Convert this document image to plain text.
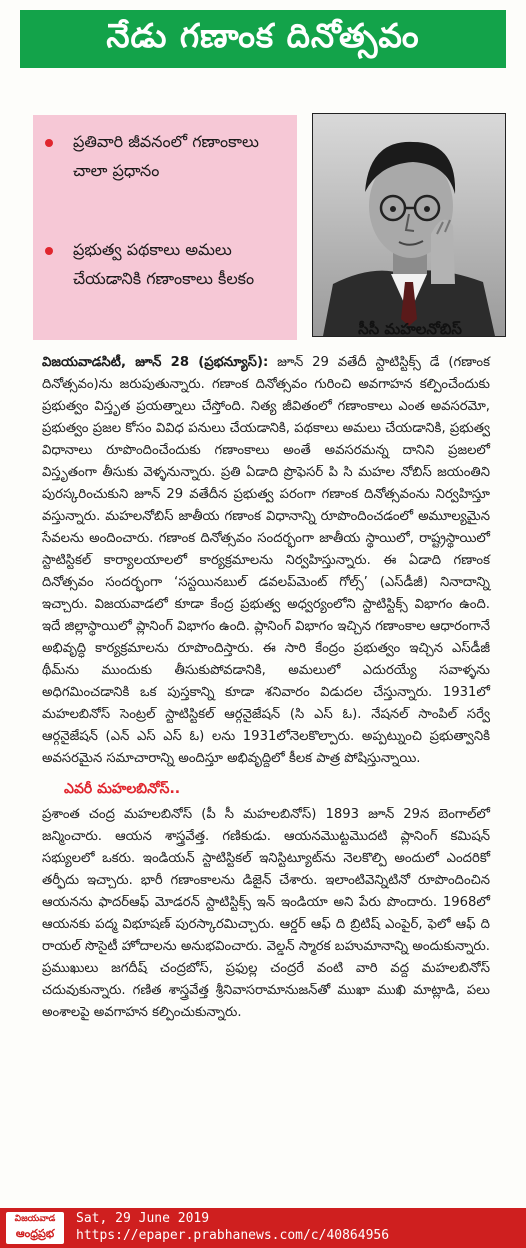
నేడు గణాంక దినోత్సవం
ప్రతివారి జీవనంలో గణాంకాలు చాలా ప్రధానం
ప్రభుత్వ పథకాలు అమలు చేయడానికి గణాంకాలు కీలకం
సీసీ మహలనోబిస్

విజయవాడసిటీ, జూన్ 28 (ప్రభన్యూస్): జూన్ 29 వతేదీ స్టాటిస్టిక్స్ డే (గణాంక దినోత్సవం)ను జరుపుతున్నారు. గణాంక దినోత్సవం గురించి అవగాహన కల్పించేందుకు ప్రభుత్వం విస్తృత ప్రయత్నాలు చేస్తోంది. నిత్య జీవితంలో గణాంకాలు ఎంత అవసరమో, ప్రభుత్వం ప్రజల కోసం వివిధ పనులు చేయడానికి, పథకాలు అమలు చేయడానికి, ప్రభుత్వ విధానాలు రూపొందించేందుకు గణాంకాలు అంతే అవసరమన్న దానిని ప్రజలలో విస్తృతంగా తీసుకు వెళ్ళనున్నారు. ప్రతి ఏడాది ప్రొఫెసర్ పి సి మహల నోబిస్ జయంతిని పురస్కరించుకుని జూన్ 29 వతేదీన ప్రభుత్వ పరంగా గణాంక దినోత్సవంను నిర్వహిస్తూ వస్తున్నారు. మహలనోబిస్ జాతీయ గణాంక విధానాన్ని రూపొందించడంలో అమూల్యమైన సేవలను అందించారు. గణాంక దినోత్సవం సందర్భంగా జాతీయ స్థాయిలో, రాష్ట్రస్థాయిలో స్టాటిస్టికల్ కార్యాలయాలలో కార్యక్రమాలను నిర్వహిస్తున్నారు. ఈ ఏడాది గణాంక దినోత్సవం సందర్భంగా ‘సస్టయినబుల్ డవలప్‌మెంట్ గోల్స్’ (ఎస్‌డీజీ) నినాదాన్ని ఇచ్చారు. విజయవాడలో కూడా కేంద్ర ప్రభుత్వ అధ్వర్యంలోని స్టాటిస్టిక్స్ విభాగం ఉంది. ఇదే జిల్లాస్థాయిలో ప్లానింగ్ విభాగం ఉంది. ప్లానింగ్ విభాగం ఇచ్చిన గణాంకాల ఆధారంగానే అభివృద్ధి కార్యక్రమాలను రూపొందిస్తారు. ఈ సారి కేంద్రం ప్రభుత్వం ఇచ్చిన ఎస్‌డీజీ థీమ్‌ను ముందుకు తీసుకుపోవడానికి, అమలులో ఎదురయ్యే సవాళ్ళను అధిగమించడానికి ఒక పుస్తకాన్ని కూడా శనివారం విడుదల చేస్తున్నారు. 1931లో మహలబినోస్ సెంట్రల్ స్టాటిస్టికల్ ఆర్గనైజేషన్ (సి ఎస్ ఓ). నేషనల్ సాంపిల్ సర్వే ఆర్గనైజేషన్ (ఎన్ ఎస్ ఎస్ ఓ) లను 1931లోనెలకొల్పారు. అప్పట్నుంచి ప్రభుత్వానికి అవసరమైన సమాచారాన్ని అందిస్తూ అభివృద్దిలో కీలక పాత్ర పోషిస్తున్నాయి.

ఎవరీ మహలబినోస్..

ప్రశాంత చంద్ర మహలబినోస్ (పీ సీ మహలబినోస్) 1893 జూన్ 29న బెంగాల్‌లో జన్మించారు. ఆయన శాస్త్రవేత్త. గణికుడు. ఆయనమొట్టమొదటి ప్లానింగ్ కమిషన్ సభ్యులలో ఒకరు. ఇండియన్ స్టాటిస్టికల్ ఇనిస్టిట్యూట్‌ను నెలకొల్పి అందులో ఎందరికో తర్ఫీదు ఇచ్చారు. భారీ గణాంకాలను డిజైన్ చేశారు. ఇలాంటివెన్నిటినో రూపొందించిన ఆయనను ఫాదర్‌ఆఫ్ మోడరన్ స్టాటిస్టిక్స్ ఇన్ ఇండియా అని పేరు పొందారు. 1968లో ఆయనకు పద్మ విభూషణ్ పురస్కారమిచ్చారు. ఆర్డర్ ఆఫ్ ది బ్రిటిష్ ఎంపైర్, ఫెలో ఆఫ్ ది రాయల్ సొసైటీ హోదాలను అనుభవించారు. వెల్డన్ స్మారక బహుమానాన్ని అందుకున్నారు. ప్రముఖులు జగదీష్ చంద్రబోస్, ప్రఫుల్ల చంద్రరే వంటి వారి వద్ద మహలబినోస్ చదువుకున్నారు. గణిత శాస్త్రవేత్త శ్రీనివాసరామానుజన్‌తో ముఖా ముఖి మాట్లాడి, పలు అంశాలపై అవగాహన కల్పించుకున్నారు.

విజయవాడ
ఆంధ్రప్రభ
Sat, 29 June 2019
https://epaper.prabhanews.com/c/40864956
